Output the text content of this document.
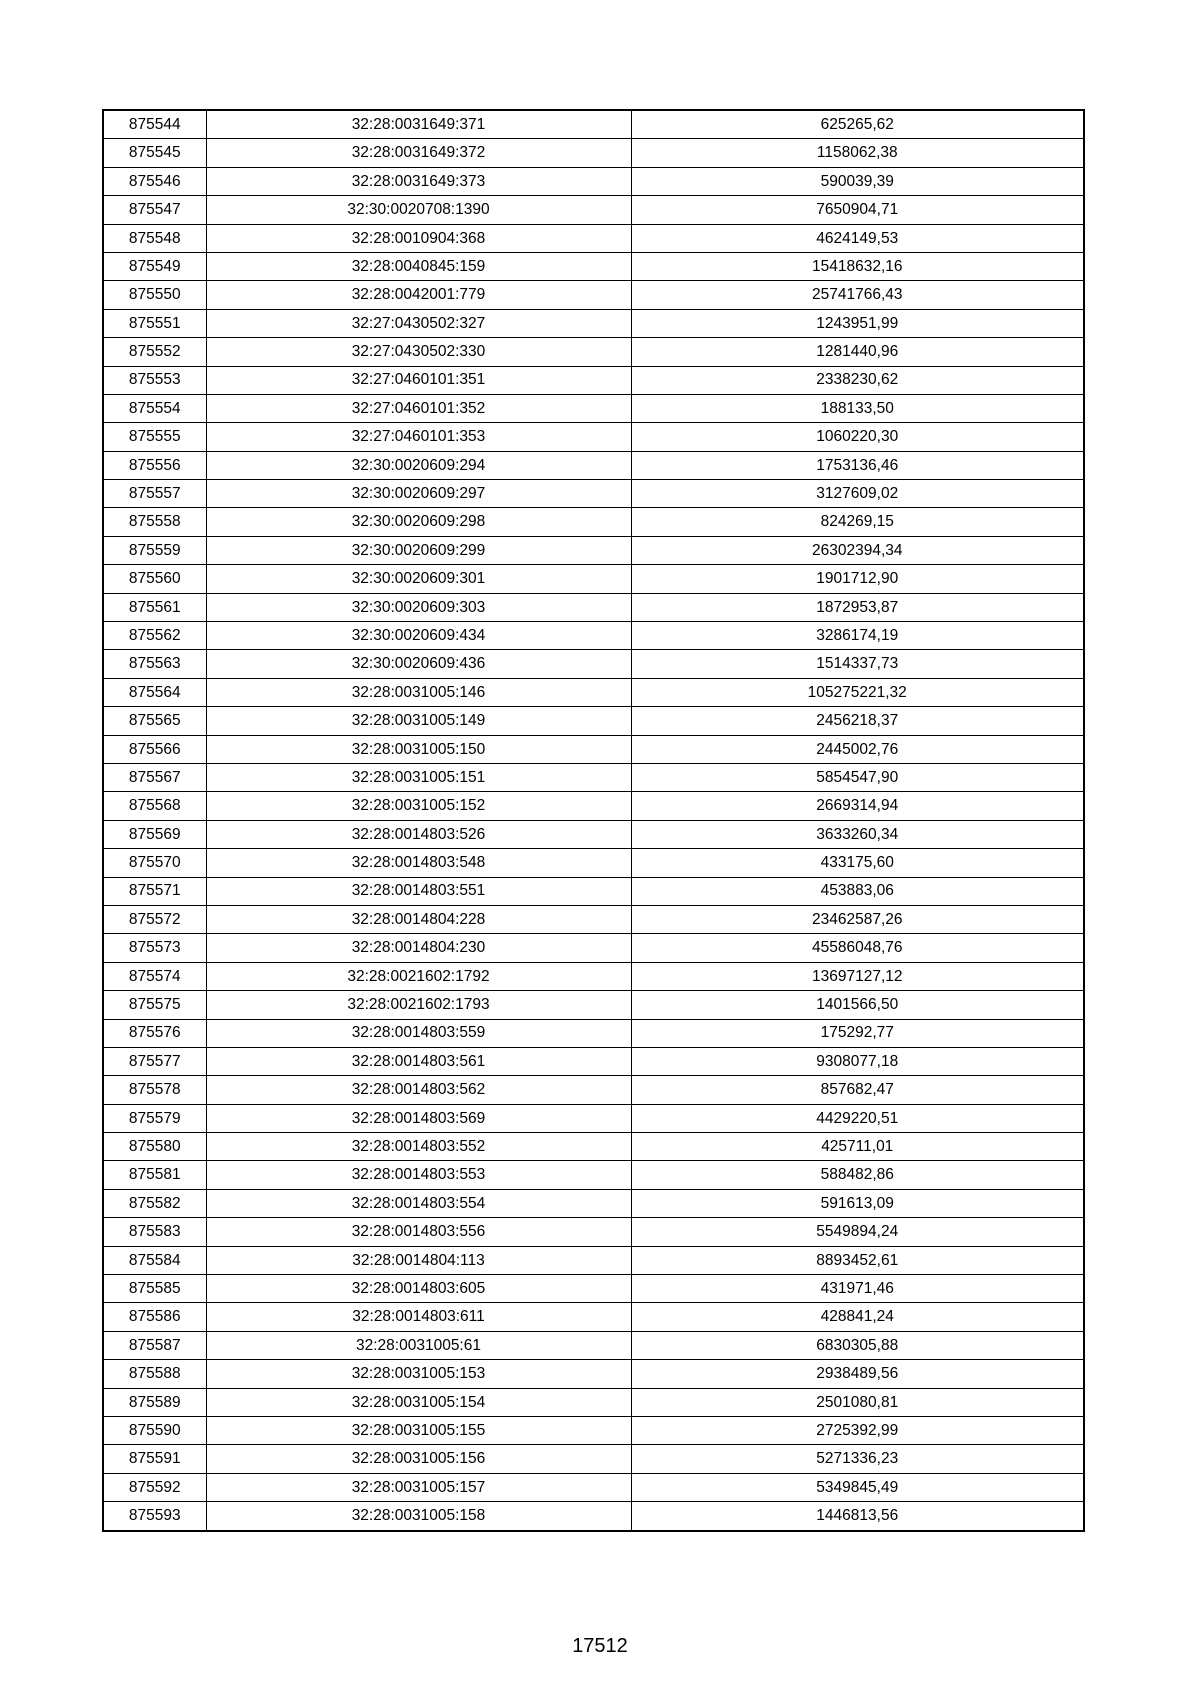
875544	32:28:0031649:371	625265,62
875545	32:28:0031649:372	1158062,38
875546	32:28:0031649:373	590039,39
875547	32:30:0020708:1390	7650904,71
875548	32:28:0010904:368	4624149,53
875549	32:28:0040845:159	15418632,16
875550	32:28:0042001:779	25741766,43
875551	32:27:0430502:327	1243951,99
875552	32:27:0430502:330	1281440,96
875553	32:27:0460101:351	2338230,62
875554	32:27:0460101:352	188133,50
875555	32:27:0460101:353	1060220,30
875556	32:30:0020609:294	1753136,46
875557	32:30:0020609:297	3127609,02
875558	32:30:0020609:298	824269,15
875559	32:30:0020609:299	26302394,34
875560	32:30:0020609:301	1901712,90
875561	32:30:0020609:303	1872953,87
875562	32:30:0020609:434	3286174,19
875563	32:30:0020609:436	1514337,73
875564	32:28:0031005:146	105275221,32
875565	32:28:0031005:149	2456218,37
875566	32:28:0031005:150	2445002,76
875567	32:28:0031005:151	5854547,90
875568	32:28:0031005:152	2669314,94
875569	32:28:0014803:526	3633260,34
875570	32:28:0014803:548	433175,60
875571	32:28:0014803:551	453883,06
875572	32:28:0014804:228	23462587,26
875573	32:28:0014804:230	45586048,76
875574	32:28:0021602:1792	13697127,12
875575	32:28:0021602:1793	1401566,50
875576	32:28:0014803:559	175292,77
875577	32:28:0014803:561	9308077,18
875578	32:28:0014803:562	857682,47
875579	32:28:0014803:569	4429220,51
875580	32:28:0014803:552	425711,01
875581	32:28:0014803:553	588482,86
875582	32:28:0014803:554	591613,09
875583	32:28:0014803:556	5549894,24
875584	32:28:0014804:113	8893452,61
875585	32:28:0014803:605	431971,46
875586	32:28:0014803:611	428841,24
875587	32:28:0031005:61	6830305,88
875588	32:28:0031005:153	2938489,56
875589	32:28:0031005:154	2501080,81
875590	32:28:0031005:155	2725392,99
875591	32:28:0031005:156	5271336,23
875592	32:28:0031005:157	5349845,49
875593	32:28:0031005:158	1446813,56
17512
